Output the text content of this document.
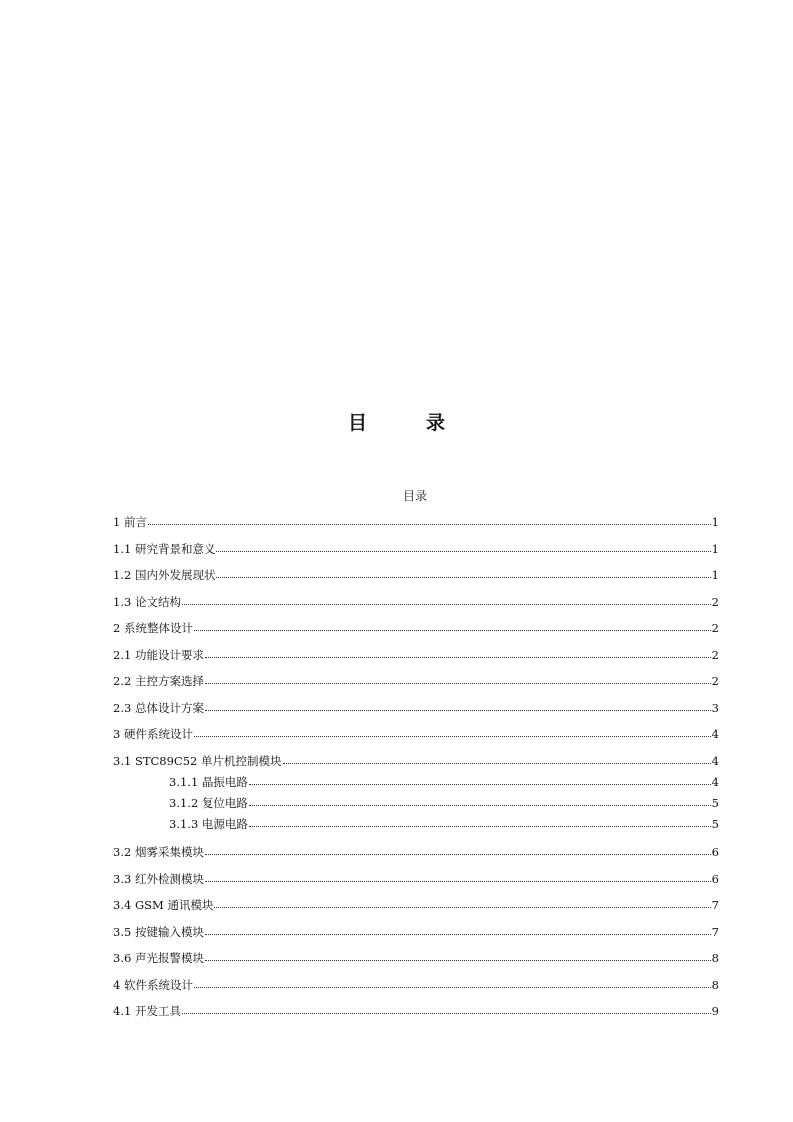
目　录
目录
1 前言	1
1.1 研究背景和意义	1
1.2 国内外发展现状	1
1.3 论文结构	2
2 系统整体设计	2
2.1 功能设计要求	2
2.2 主控方案选择	2
2.3 总体设计方案	3
3 硬件系统设计	4
3.1 STC89C52 单片机控制模块	4
3.1.1 晶振电路	4
3.1.2 复位电路	5
3.1.3 电源电路	5
3.2 烟雾采集模块	6
3.3 红外检测模块	6
3.4 GSM 通讯模块	7
3.5 按键输入模块	7
3.6 声光报警模块	8
4 软件系统设计	8
4.1 开发工具	9
